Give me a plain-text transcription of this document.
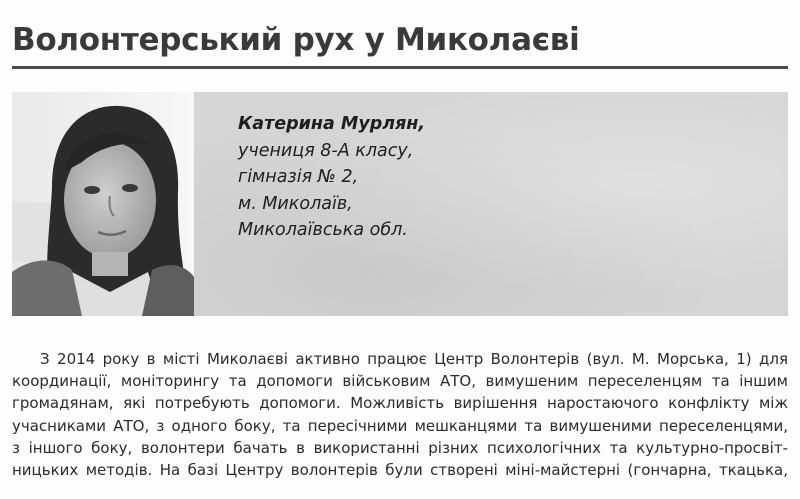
Волонтерський рух у Миколаєві
Катерина Мурлян,
учениця 8-А класу,
гімназія № 2,
м. Миколаїв,
Миколаївська обл.
З 2014 року в місті Миколаєві активно працює Центр Волонтерів (вул. М. Морська, 1) для
координації, моніторингу та допомоги військовим АТО, вимушеним переселенцям та іншим
громадянам, які потребують допомоги. Можливість вирішення наростаючого конфлікту між
учасниками АТО, з одного боку, та пересічними мешканцями та вимушеними переселенцями,
з іншого боку, волонтери бачать в використанні різних психологічних та культурно-просвіт-
ницьких методів. На базі Центру волонтерів були створені міні-майстерні (гончарна, ткацька,
